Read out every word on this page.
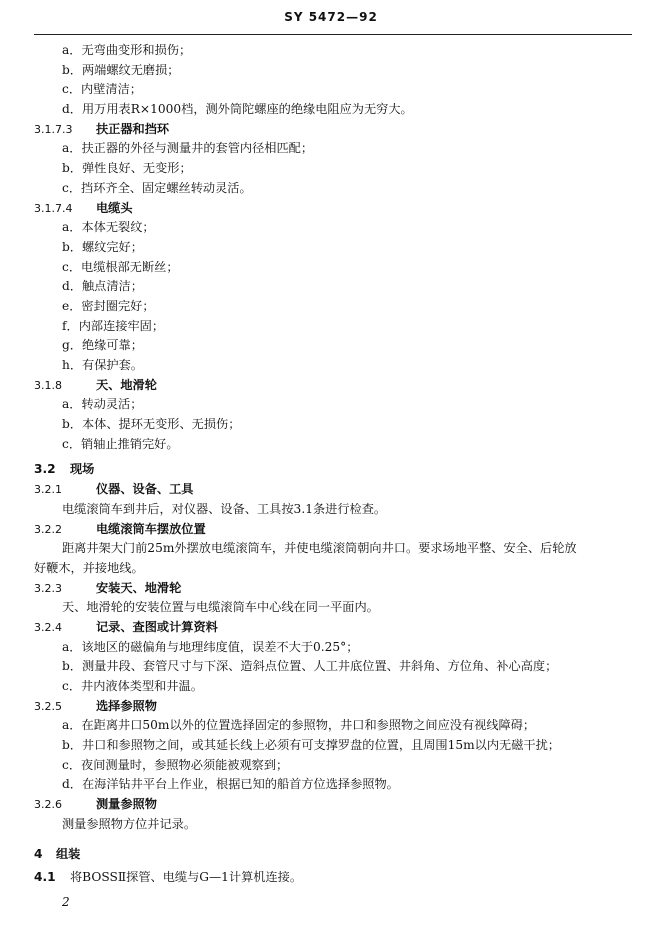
SY 5472—92
a．无弯曲变形和损伤；
b．两端螺纹无磨损；
c．内壁清洁；
d．用万用表R×1000档，测外筒陀螺座的绝缘电阻应为无穷大。
3.1.7.3 扶正器和挡环
a．扶正器的外径与测量井的套管内径相匹配；
b．弹性良好、无变形；
c．挡环齐全、固定螺丝转动灵活。
3.1.7.4 电缆头
a．本体无裂纹；
b．螺纹完好；
c．电缆根部无断丝；
d．触点清洁；
e．密封圈完好；
f．内部连接牢固；
g．绝缘可靠；
h．有保护套。
3.1.8	天、地滑轮
a．转动灵活；
b．本体、提环无变形、无损伤；
c．销轴止推销完好。
3.2 现场
3.2.1	仪器、设备、工具
电缆滚筒车到井后，对仪器、设备、工具按3.1条进行检查。
3.2.2	电缆滚筒车摆放位置
距离井架大门前25m外摆放电缆滚筒车，并使电缆滚筒朝向井口。要求场地平整、安全、后轮放
好鞭木，并接地线。
3.2.3	安装天、地滑轮
天、地滑轮的安装位置与电缆滚筒车中心线在同一平面内。
3.2.4	记录、查图或计算资料
a．该地区的磁偏角与地理纬度值，误差不大于0.25°；
b．测量井段、套管尺寸与下深、造斜点位置、人工井底位置、井斜角、方位角、补心高度；
c．井内液体类型和井温。
3.2.5	选择参照物
a．在距离井口50m以外的位置选择固定的参照物，井口和参照物之间应没有视线障碍；
b．井口和参照物之间，或其延长线上必须有可支撑罗盘的位置，且周围15m以内无磁干扰；
c．夜间测量时，参照物必须能被观察到；
d．在海洋钻井平台上作业，根据已知的船首方位选择参照物。
3.2.6	测量参照物
测量参照物方位并记录。
4 组装
4.1 将BOSSⅡ探管、电缆与G—1计算机连接。
2
